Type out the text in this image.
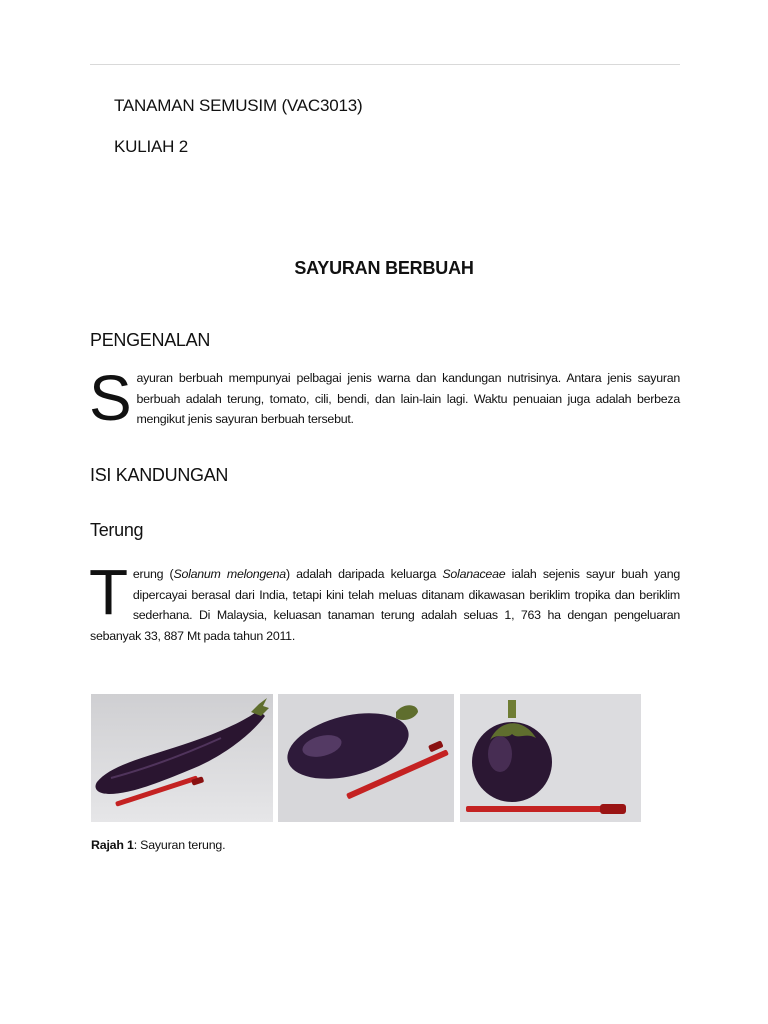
TANAMAN SEMUSIM (VAC3013)
KULIAH 2
SAYURAN BERBUAH
PENGENALAN
Sayuran berbuah mempunyai pelbagai jenis warna dan kandungan nutrisinya. Antara jenis sayuran berbuah adalah terung, tomato, cili, bendi, dan lain-lain lagi. Waktu penuaian juga adalah berbeza mengikut jenis sayuran berbuah tersebut.
ISI KANDUNGAN
Terung
Terung (Solanum melongena) adalah daripada keluarga Solanaceae ialah sejenis sayur buah yang dipercayai berasal dari India, tetapi kini telah meluas ditanam dikawasan beriklim tropika dan beriklim sederhana. Di Malaysia, keluasan tanaman terung adalah seluas 1, 763 ha dengan pengeluaran sebanyak 33, 887 Mt pada tahun 2011.
Rajah 1: Sayuran terung.
